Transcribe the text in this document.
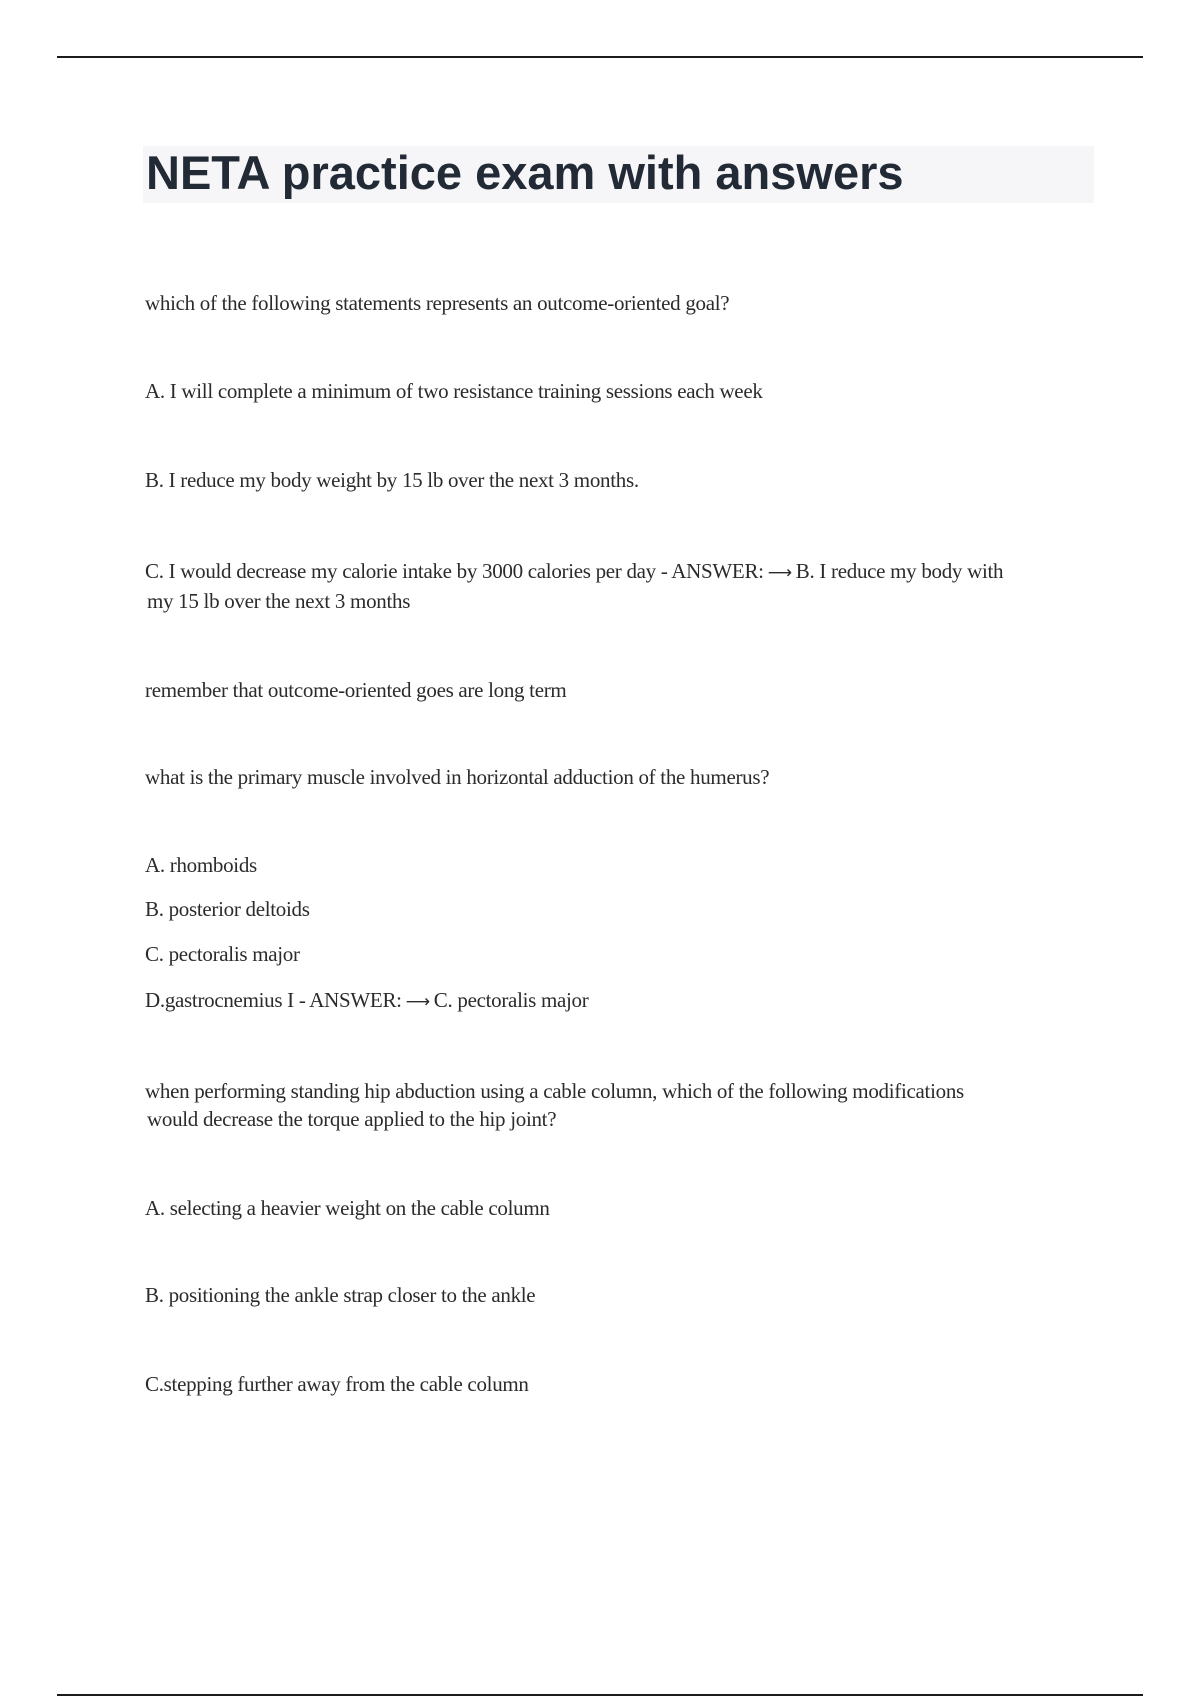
NETA practice exam with answers

which of the following statements represents an outcome-oriented goal?

A. I will complete a minimum of two resistance training sessions each week

B. I reduce my body weight by 15 lb over the next 3 months.

C. I would decrease my calorie intake by 3000 calories per day - ANSWER: ⟶ B. I reduce my body with

my 15 lb over the next 3 months

remember that outcome-oriented goes are long term

what is the primary muscle involved in horizontal adduction of the humerus?

A. rhomboids

B. posterior deltoids

C. pectoralis major

D.gastrocnemius I - ANSWER: ⟶ C. pectoralis major

when performing standing hip abduction using a cable column, which of the following modifications

would decrease the torque applied to the hip joint?

A. selecting a heavier weight on the cable column

B. positioning the ankle strap closer to the ankle

C.stepping further away from the cable column
